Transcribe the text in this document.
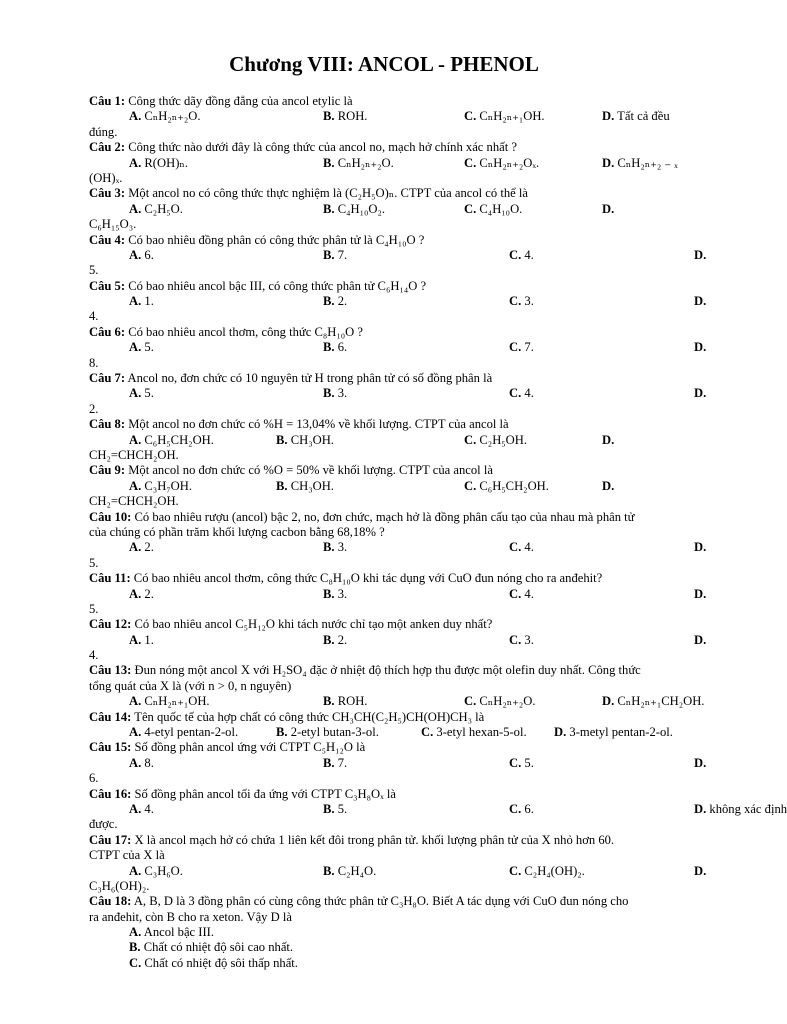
Chương VIII: ANCOL - PHENOL
Câu 1: Công thức dãy đồng đẳng của ancol etylic là
A. CₙH₂ₙ₊₂O.	B. ROH.	C. CₙH₂ₙ₊₁OH.	D. Tất cả đều
đúng.
Câu 2: Công thức nào dưới đây là công thức của ancol no, mạch hở chính xác nhất ?
A. R(OH)ₙ.	B. CₙH₂ₙ₊₂O.	C. CₙH₂ₙ₊₂Oₓ.	D. CₙH₂ₙ₊₂ ₋ ₓ
(OH)ₓ.
Câu 3: Một ancol no có công thức thực nghiệm là (C₂H₅O)ₙ. CTPT của ancol có thể là
A. C₂H₅O.	B. C₄H₁₀O₂.	C. C₄H₁₀O.	D.
C₆H₁₅O₃.
Câu 4: Có bao nhiêu đồng phân có công thức phân tử là C₄H₁₀O ?
A. 6.	B. 7.	C. 4.	D.
5.
Câu 5: Có bao nhiêu ancol bậc III, có công thức phân tử C₆H₁₄O ?
A. 1.	B. 2.	C. 3.	D.
4.
Câu 6: Có bao nhiêu ancol thơm, công thức C₈H₁₀O ?
A. 5.	B. 6.	C. 7.	D.
8.
Câu 7: Ancol no, đơn chức có 10 nguyên tử H trong phân tử có số đồng phân là
A. 5.	B. 3.	C. 4.	D.
2.
Câu 8: Một ancol no đơn chức có %H = 13,04% về khối lượng. CTPT của ancol là
A. C₆H₅CH₂OH.	B. CH₃OH.	C. C₂H₅OH.	D.
CH₂=CHCH₂OH.
Câu 9: Một ancol no đơn chức có %O = 50% về khối lượng. CTPT của ancol là
A. C₃H₇OH.	B. CH₃OH.	C. C₆H₅CH₂OH.	D.
CH₂=CHCH₂OH.
Câu 10: Có bao nhiêu rượu (ancol) bậc 2, no, đơn chức, mạch hở là đồng phân cấu tạo của nhau mà phân tử
của chúng có phần trăm khối lượng cacbon bằng 68,18% ?
A. 2.	B. 3.	C. 4.	D.
5.
Câu 11: Có bao nhiêu ancol thơm, công thức C₈H₁₀O khi tác dụng với CuO đun nóng cho ra anđehit?
A. 2.	B. 3.	C. 4.	D.
5.
Câu 12: Có bao nhiêu ancol C₅H₁₂O khi tách nước chỉ tạo một anken duy nhất?
A. 1.	B. 2.	C. 3.	D.
4.
Câu 13: Đun nóng một ancol X với H₂SO₄ đặc ở nhiệt độ thích hợp thu được một olefin duy nhất. Công thức
tổng quát của X là (với n > 0, n nguyên)
A. CₙH₂ₙ₊₁OH.	B. ROH.	C. CₙH₂ₙ₊₂O.	D. CₙH₂ₙ₊₁CH₂OH.
Câu 14: Tên quốc tế của hợp chất có công thức CH₃CH(C₂H₅)CH(OH)CH₃ là
A. 4-etyl pentan-2-ol.	B. 2-etyl butan-3-ol.	C. 3-etyl hexan-5-ol. D. 3-metyl pentan-2-ol.
Câu 15: Số đồng phân ancol ứng với CTPT C₅H₁₂O là
A. 8.	B. 7.	C. 5.	D.
6.
Câu 16: Số đồng phân ancol tối đa ứng với CTPT C₃H₈Oₓ là
A. 4.	B. 5.	C. 6.	D. không xác định
được.
Câu 17: X là ancol mạch hở có chứa 1 liên kết đôi trong phân tử. khối lượng phân tử của X nhỏ hơn 60.
CTPT của X là
A. C₃H₆O.	B. C₂H₄O.	C. C₂H₄(OH)₂.	D.
C₃H₆(OH)₂.
Câu 18: A, B, D là 3 đồng phân có cùng công thức phân tử C₃H₈O. Biết A tác dụng với CuO đun nóng cho
ra anđehit, còn B cho ra xeton. Vậy D là
A. Ancol bậc III.
B. Chất có nhiệt độ sôi cao nhất.
C. Chất có nhiệt độ sôi thấp nhất.
